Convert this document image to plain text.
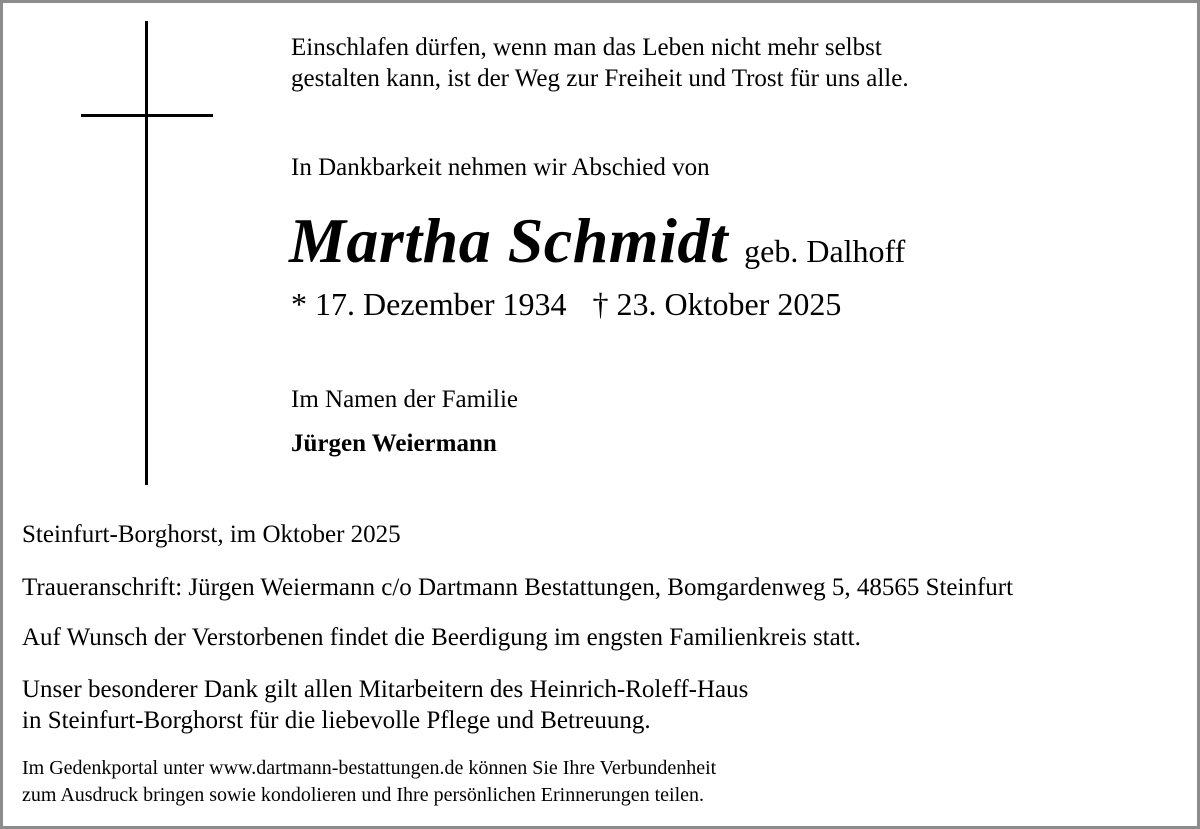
Einschlafen dürfen, wenn man das Leben nicht mehr selbst
gestalten kann, ist der Weg zur Freiheit und Trost für uns alle.
In Dankbarkeit nehmen wir Abschied von
Martha Schmidt geb. Dalhoff
* 17. Dezember 1934 † 23. Oktober 2025
Im Namen der Familie
Jürgen Weiermann
Steinfurt-Borghorst, im Oktober 2025
Traueranschrift: Jürgen Weiermann c/o Dartmann Bestattungen, Bomgardenweg 5, 48565 Steinfurt
Auf Wunsch der Verstorbenen findet die Beerdigung im engsten Familienkreis statt.
Unser besonderer Dank gilt allen Mitarbeitern des Heinrich-Roleff-Haus
in Steinfurt-Borghorst für die liebevolle Pflege und Betreuung.
Im Gedenkportal unter www.dartmann-bestattungen.de können Sie Ihre Verbundenheit
zum Ausdruck bringen sowie kondolieren und Ihre persönlichen Erinnerungen teilen.
